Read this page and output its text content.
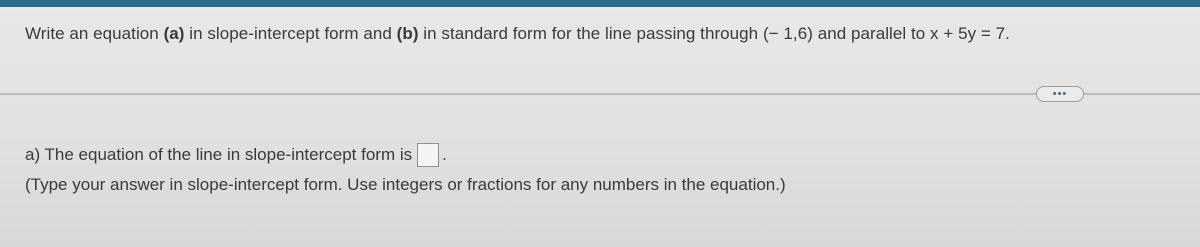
Write an equation (a) in slope-intercept form and (b) in standard form for the line passing through (− 1,6) and parallel to x + 5y = 7.
•••
a) The equation of the line in slope-intercept form is .
(Type your answer in slope-intercept form. Use integers or fractions for any numbers in the equation.)
